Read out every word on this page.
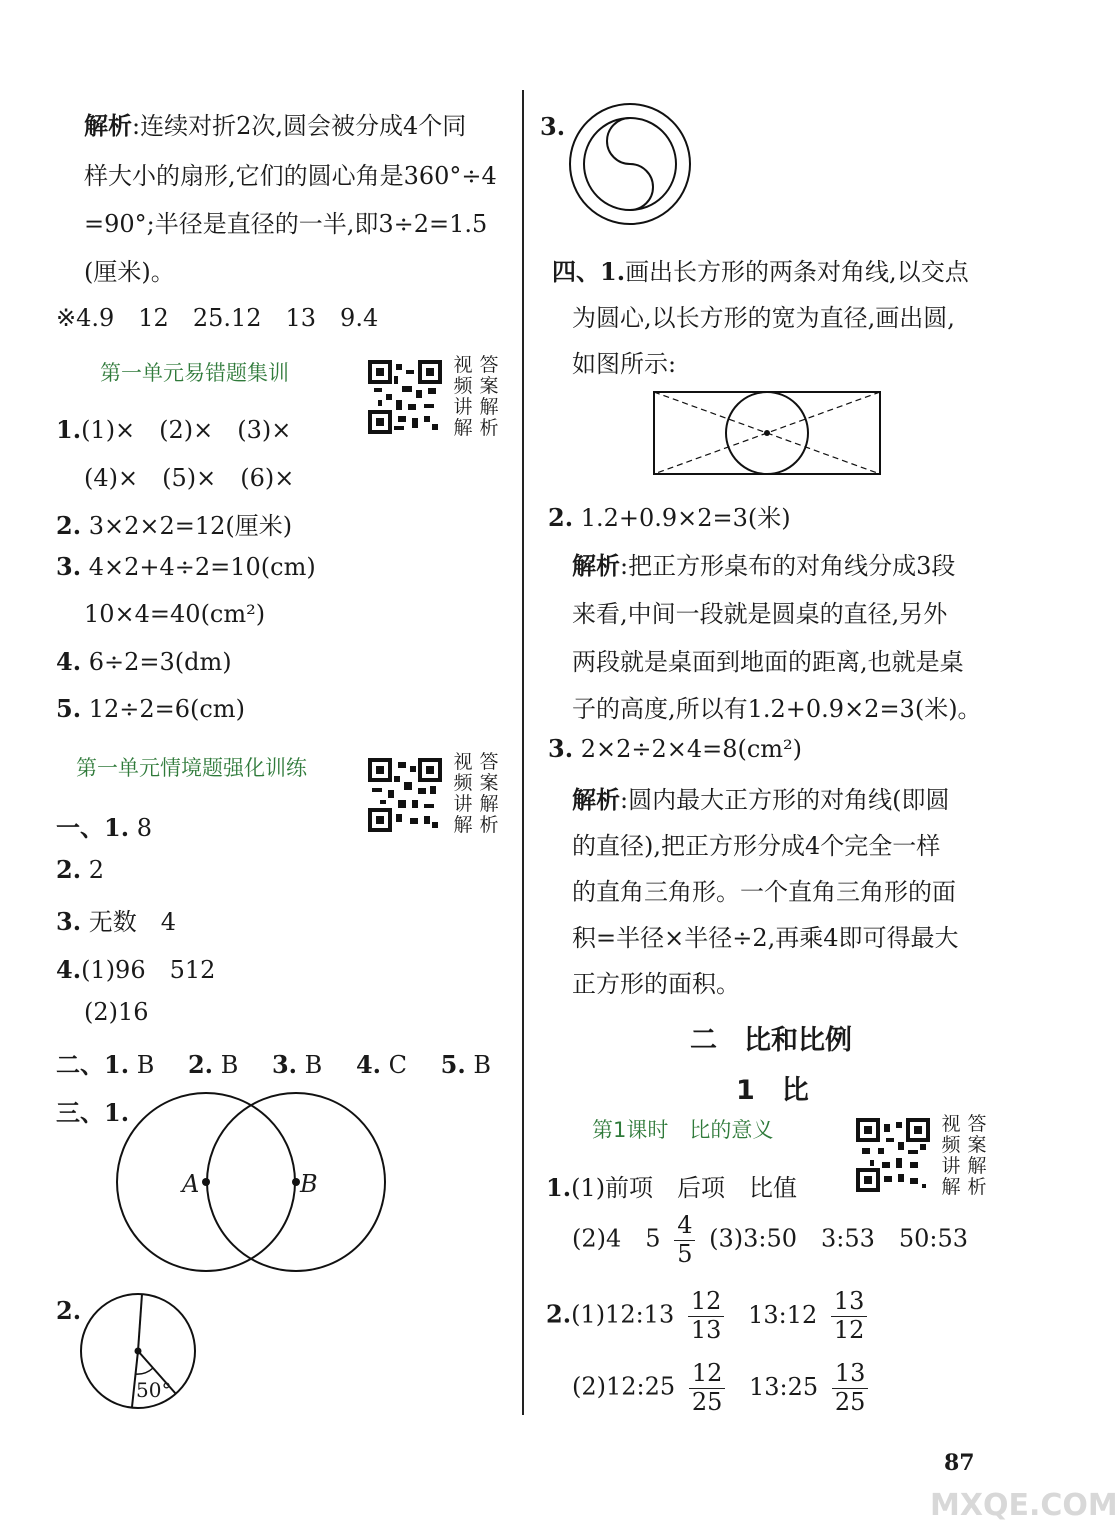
解析:连续对折2次,圆会被分成4个同
样大小的扇形,它们的圆心角是360°÷4
=90°;半径是直径的一半,即3÷2=1.5
(厘米)。
※4.9　12　25.12　13　9.4
第一单元易错题集训	视
频
讲
解
答
案
解
析
1.(1)×　(2)×　(3)×
(4)×　(5)×　(6)×
2. 3×2×2=12(厘米)
3. 4×2+4÷2=10(cm)
10×4=40(cm²)
4. 6÷2=3(dm)
5. 12÷2=6(cm)
第一单元情境题强化训练	视
频
讲
解
答
案
解
析
一、1. 8
2. 2
3. 无数　4
4.(1)96　512
(2)16
二、1. B 2. B 3. B 4. C 5. B
三、1.
A	B
2.
50°
3.
四、1.画出长方形的两条对角线,以交点
为圆心,以长方形的宽为直径,画出圆,
如图所示:
2. 1.2+0.9×2=3(米)
解析:把正方形桌布的对角线分成3段
来看,中间一段就是圆桌的直径,另外
两段就是桌面到地面的距离,也就是桌
子的高度,所以有1.2+0.9×2=3(米)。
3. 2×2÷2×4=8(cm²)
解析:圆内最大正方形的对角线(即圆
的直径),把正方形分成4个完全一样
的直角三角形。一个直角三角形的面
积=半径×半径÷2,再乘4即可得最大
正方形的面积。
二　比和比例
1　比
第1课时　比的意义	视
频
讲
解
答
案
解
析
1.(1)前项　后项　比值
(2)4　$5 \frac{4}{5}$ (3)3:50　3:53　50:53
2.(1)12:13 $\frac{12}{13}$ 13:12 $\frac{13}{12}$
(2)12:25 $\frac{12}{25}$ 13:25 $\frac{13}{25}$
87
MXQE.COM
